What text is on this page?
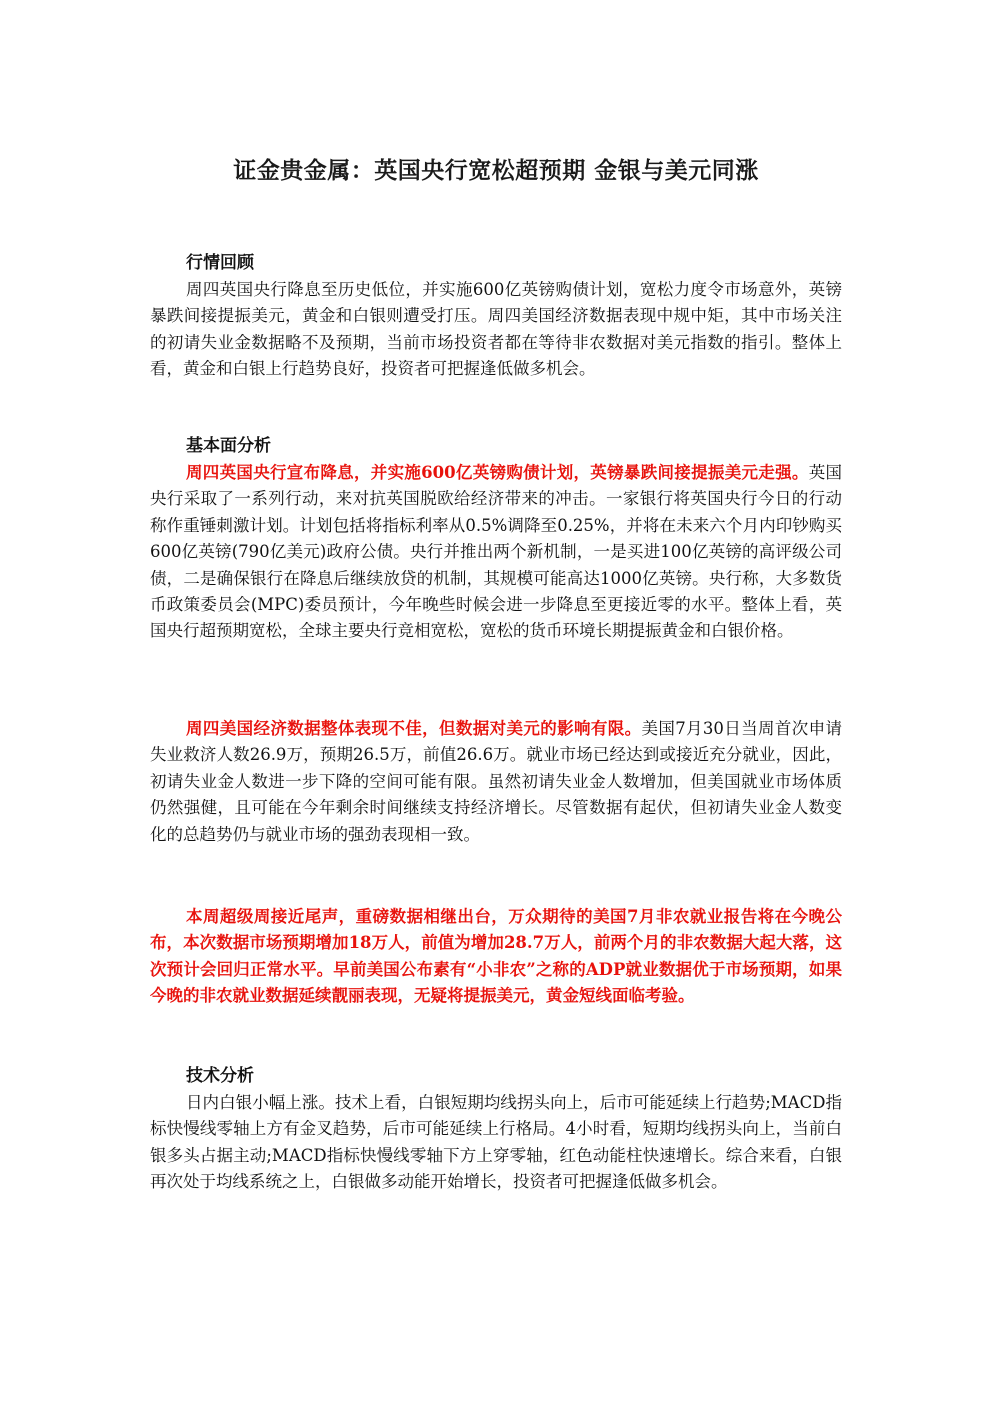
证金贵金属：英国央行宽松超预期 金银与美元同涨
行情回顾

周四英国央行降息至历史低位，并实施600亿英镑购债计划，宽松力度令市场意外，英镑暴跌间接提振美元，黄金和白银则遭受打压。周四美国经济数据表现中规中矩，其中市场关注的初请失业金数据略不及预期，当前市场投资者都在等待非农数据对美元指数的指引。整体上看，黄金和白银上行趋势良好，投资者可把握逢低做多机会。

基本面分析

周四英国央行宣布降息，并实施600亿英镑购债计划，英镑暴跌间接提振美元走强。英国央行采取了一系列行动，来对抗英国脱欧给经济带来的冲击。一家银行将英国央行今日的行动称作重锤刺激计划。计划包括将指标利率从0.5%调降至0.25%，并将在未来六个月内印钞购买600亿英镑(790亿美元)政府公债。央行并推出两个新机制，一是买进100亿英镑的高评级公司债，二是确保银行在降息后继续放贷的机制，其规模可能高达1000亿英镑。央行称，大多数货币政策委员会(MPC)委员预计，今年晚些时候会进一步降息至更接近零的水平。整体上看，英国央行超预期宽松，全球主要央行竞相宽松，宽松的货币环境长期提振黄金和白银价格。

周四美国经济数据整体表现不佳，但数据对美元的影响有限。美国7月30日当周首次申请失业救济人数26.9万，预期26.5万，前值26.6万。就业市场已经达到或接近充分就业，因此，初请失业金人数进一步下降的空间可能有限。虽然初请失业金人数增加，但美国就业市场体质仍然强健，且可能在今年剩余时间继续支持经济增长。尽管数据有起伏，但初请失业金人数变化的总趋势仍与就业市场的强劲表现相一致。

本周超级周接近尾声，重磅数据相继出台，万众期待的美国7月非农就业报告将在今晚公布，本次数据市场预期增加18万人，前值为增加28.7万人，前两个月的非农数据大起大落，这次预计会回归正常水平。早前美国公布素有“小非农”之称的ADP就业数据优于市场预期，如果今晚的非农就业数据延续靓丽表现，无疑将提振美元，黄金短线面临考验。

技术分析

日内白银小幅上涨。技术上看，白银短期均线拐头向上，后市可能延续上行趋势;MACD指标快慢线零轴上方有金叉趋势，后市可能延续上行格局。4小时看，短期均线拐头向上，当前白银多头占据主动;MACD指标快慢线零轴下方上穿零轴，红色动能柱快速增长。综合来看，白银再次处于均线系统之上，白银做多动能开始增长，投资者可把握逢低做多机会。
